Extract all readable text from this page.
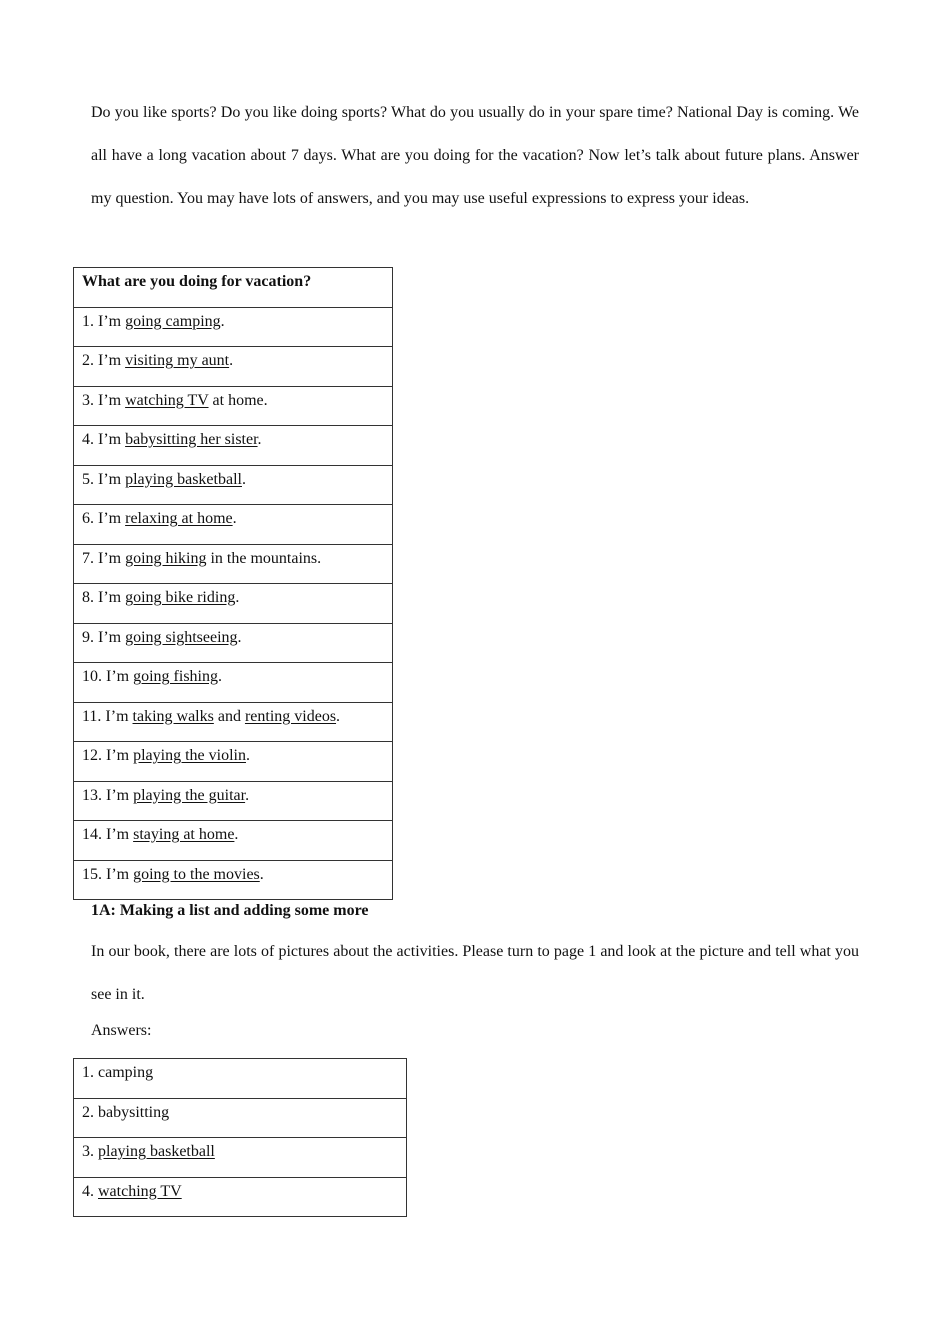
Do you like sports? Do you like doing sports? What do you usually do in your spare time? National Day is coming. We all have a long vacation about 7 days. What are you doing for the vacation? Now let’s talk about future plans. Answer my question. You may have lots of answers, and you may use useful expressions to express your ideas.

What are you doing for vacation?

1. I’m going camping.

2. I’m visiting my aunt.

3. I’m watching TV at home.

4. I’m babysitting her sister.

5. I’m playing basketball.

6. I’m relaxing at home.

7. I’m going hiking in the mountains.

8. I’m going bike riding.

9. I’m going sightseeing.

10. I’m going fishing.

11. I’m taking walks and renting videos.

12. I’m playing the violin.

13. I’m playing the guitar.

14. I’m staying at home.

15. I’m going to the movies.

1A: Making a list and adding some more

In our book, there are lots of pictures about the activities. Please turn to page 1 and look at the picture and tell what you see in it.

Answers:

1. camping

2. babysitting

3. playing basketball

4. watching TV
